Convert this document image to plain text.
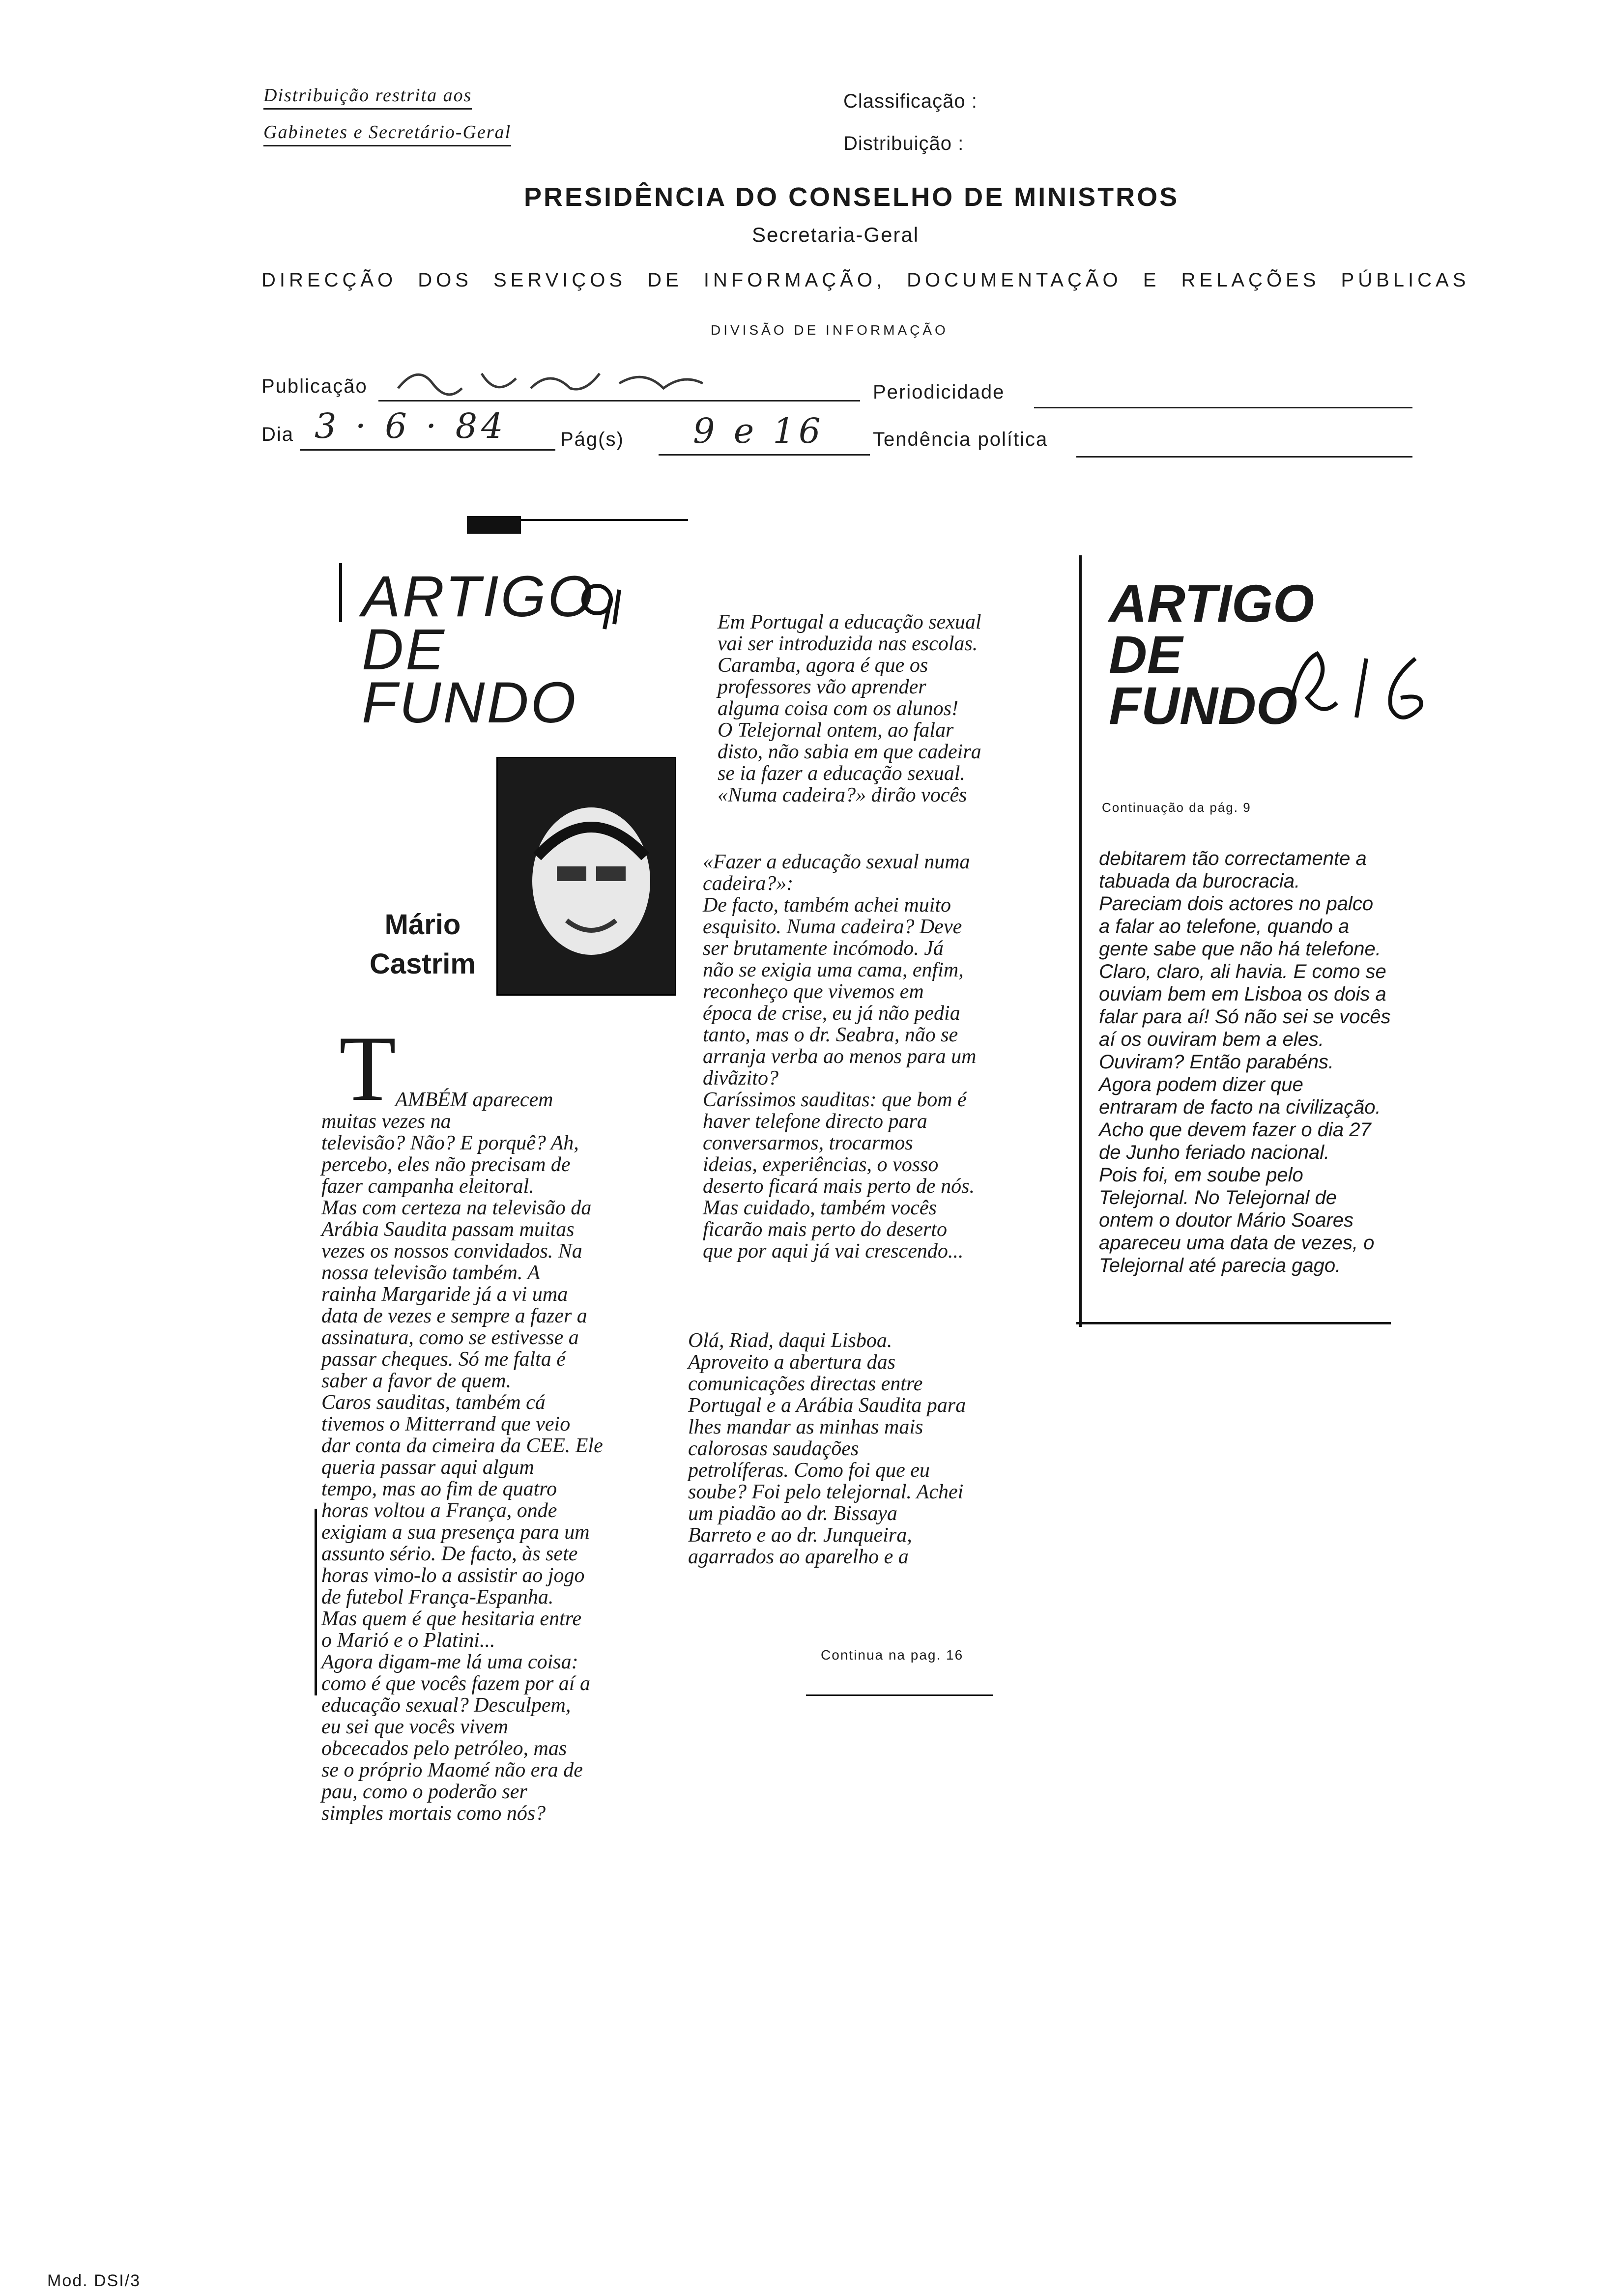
Distribuição restrita aos
Gabinetes e Secretário-Geral
Classificação :
Distribuição :
PRESIDÊNCIA DO CONSELHO DE MINISTROS
Secretaria-Geral
DIRECÇÃO DOS SERVIÇOS DE INFORMAÇÃO, DOCUMENTAÇÃO E RELAÇÕES PÚBLICAS
DIVISÃO DE INFORMAÇÃO
Publicação	Periodicidade
Dia 3 · 6 · 84	Pág(s) 9 e 16 Tendência política
ARTIGO
DE
FUNDO
Mário
Castrim
T
AMBÉM aparecem
muitas vezes na
televisão? Não? E porquê? Ah,
percebo, eles não precisam de
fazer campanha eleitoral.
Mas com certeza na televisão da
Arábia Saudita passam muitas
vezes os nossos convidados. Na
nossa televisão também. A
rainha Margaride já a vi uma
data de vezes e sempre a fazer a
assinatura, como se estivesse a
passar cheques. Só me falta é
saber a favor de quem.
Caros sauditas, também cá
tivemos o Mitterrand que veio
dar conta da cimeira da CEE. Ele
queria passar aqui algum
tempo, mas ao fim de quatro
horas voltou a França, onde
exigiam a sua presença para um
assunto sério. De facto, às sete
horas vimo-lo a assistir ao jogo
de futebol França-Espanha.
Mas quem é que hesitaria entre
o Marió e o Platini...
Agora digam-me lá uma coisa:
como é que vocês fazem por aí a
educação sexual? Desculpem,
eu sei que vocês vivem
obcecados pelo petróleo, mas
se o próprio Maomé não era de
pau, como o poderão ser
simples mortais como nós?
Em Portugal a educação sexual
vai ser introduzida nas escolas.
Caramba, agora é que os
professores vão aprender
alguma coisa com os alunos!
O Telejornal ontem, ao falar
disto, não sabia em que cadeira
se ia fazer a educação sexual.
«Numa cadeira?» dirão vocês
«Fazer a educação sexual numa
cadeira?»:
De facto, também achei muito
esquisito. Numa cadeira? Deve
ser brutamente incómodo. Já
não se exigia uma cama, enfim,
reconheço que vivemos em
época de crise, eu já não pedia
tanto, mas o dr. Seabra, não se
arranja verba ao menos para um
divãzito?
Caríssimos sauditas: que bom é
haver telefone directo para
conversarmos, trocarmos
ideias, experiências, o vosso
deserto ficará mais perto de nós.
Mas cuidado, também vocês
ficarão mais perto do deserto
que por aqui já vai crescendo...
Olá, Riad, daqui Lisboa.
Aproveito a abertura das
comunicações directas entre
Portugal e a Arábia Saudita para
lhes mandar as minhas mais
calorosas saudações
petrolíferas. Como foi que eu
soube? Foi pelo telejornal. Achei
um piadão ao dr. Bissaya
Barreto e ao dr. Junqueira,
agarrados ao aparelho e a
Continua na pag. 16
ARTIGO
DE
FUNDO
Continuação da pág. 9
debitarem tão correctamente a
tabuada da burocracia.
Pareciam dois actores no palco
a falar ao telefone, quando a
gente sabe que não há telefone.
Claro, claro, ali havia. E como se
ouviam bem em Lisboa os dois a
falar para aí! Só não sei se vocês
aí os ouviram bem a eles.
Ouviram? Então parabéns.
Agora podem dizer que
entraram de facto na civilização.
Acho que devem fazer o dia 27
de Junho feriado nacional.
Pois foi, em soube pelo
Telejornal. No Telejornal de
ontem o doutor Mário Soares
apareceu uma data de vezes, o
Telejornal até parecia gago.
Mod. DSI/3
